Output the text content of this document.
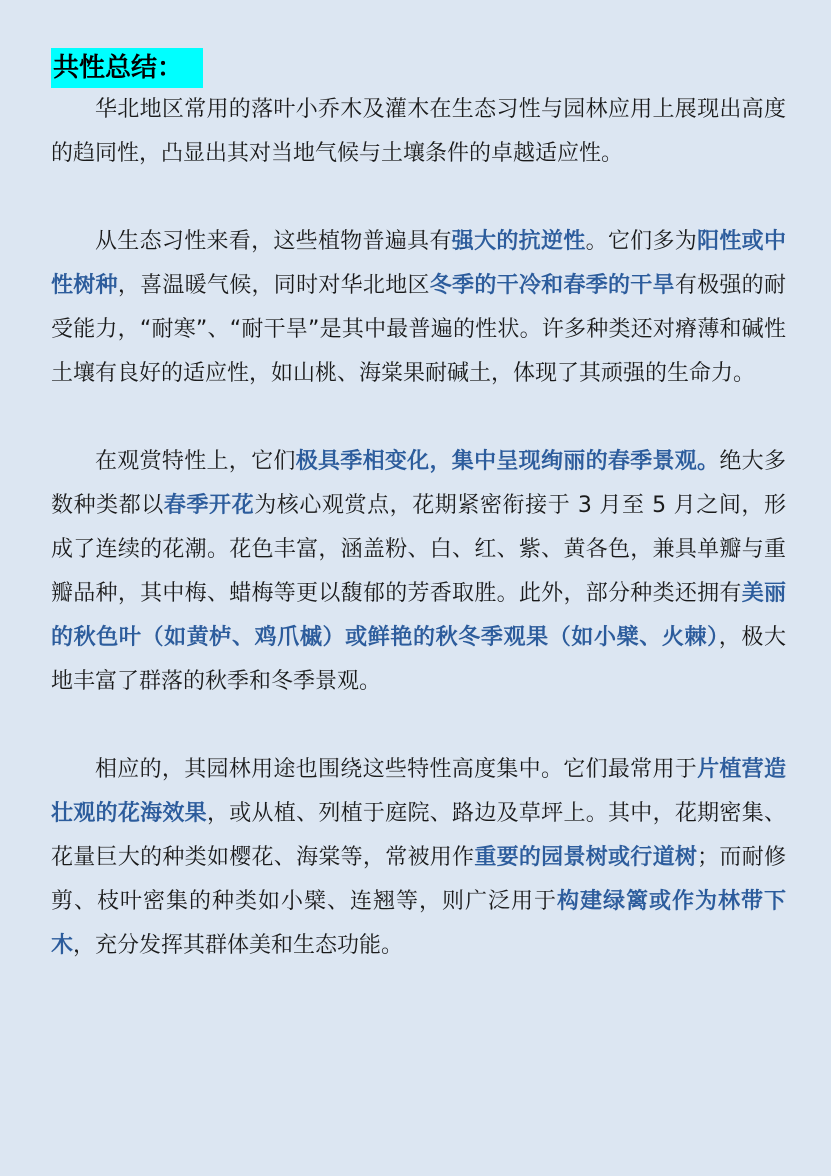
共性总结：

华北地区常用的落叶小乔木及灌木在生态习性与园林应用上展现出高度的趋同性，凸显出其对当地气候与土壤条件的卓越适应性。

从生态习性来看，这些植物普遍具有强大的抗逆性。它们多为阳性或中性树种，喜温暖气候，同时对华北地区冬季的干冷和春季的干旱有极强的耐受能力，“耐寒”、“耐干旱”是其中最普遍的性状。许多种类还对瘠薄和碱性土壤有良好的适应性，如山桃、海棠果耐碱土，体现了其顽强的生命力。

在观赏特性上，它们极具季相变化，集中呈现绚丽的春季景观。绝大多数种类都以春季开花为核心观赏点，花期紧密衔接于 3 月至 5 月之间，形成了连续的花潮。花色丰富，涵盖粉、白、红、紫、黄各色，兼具单瓣与重瓣品种，其中梅、蜡梅等更以馥郁的芳香取胜。此外，部分种类还拥有美丽的秋色叶（如黄栌、鸡爪槭）或鲜艳的秋冬季观果（如小檗、火棘），极大地丰富了群落的秋季和冬季景观。

相应的，其园林用途也围绕这些特性高度集中。它们最常用于片植营造壮观的花海效果，或从植、列植于庭院、路边及草坪上。其中，花期密集、花量巨大的种类如樱花、海棠等，常被用作重要的园景树或行道树；而耐修剪、枝叶密集的种类如小檗、连翘等，则广泛用于构建绿篱或作为林带下木，充分发挥其群体美和生态功能。
